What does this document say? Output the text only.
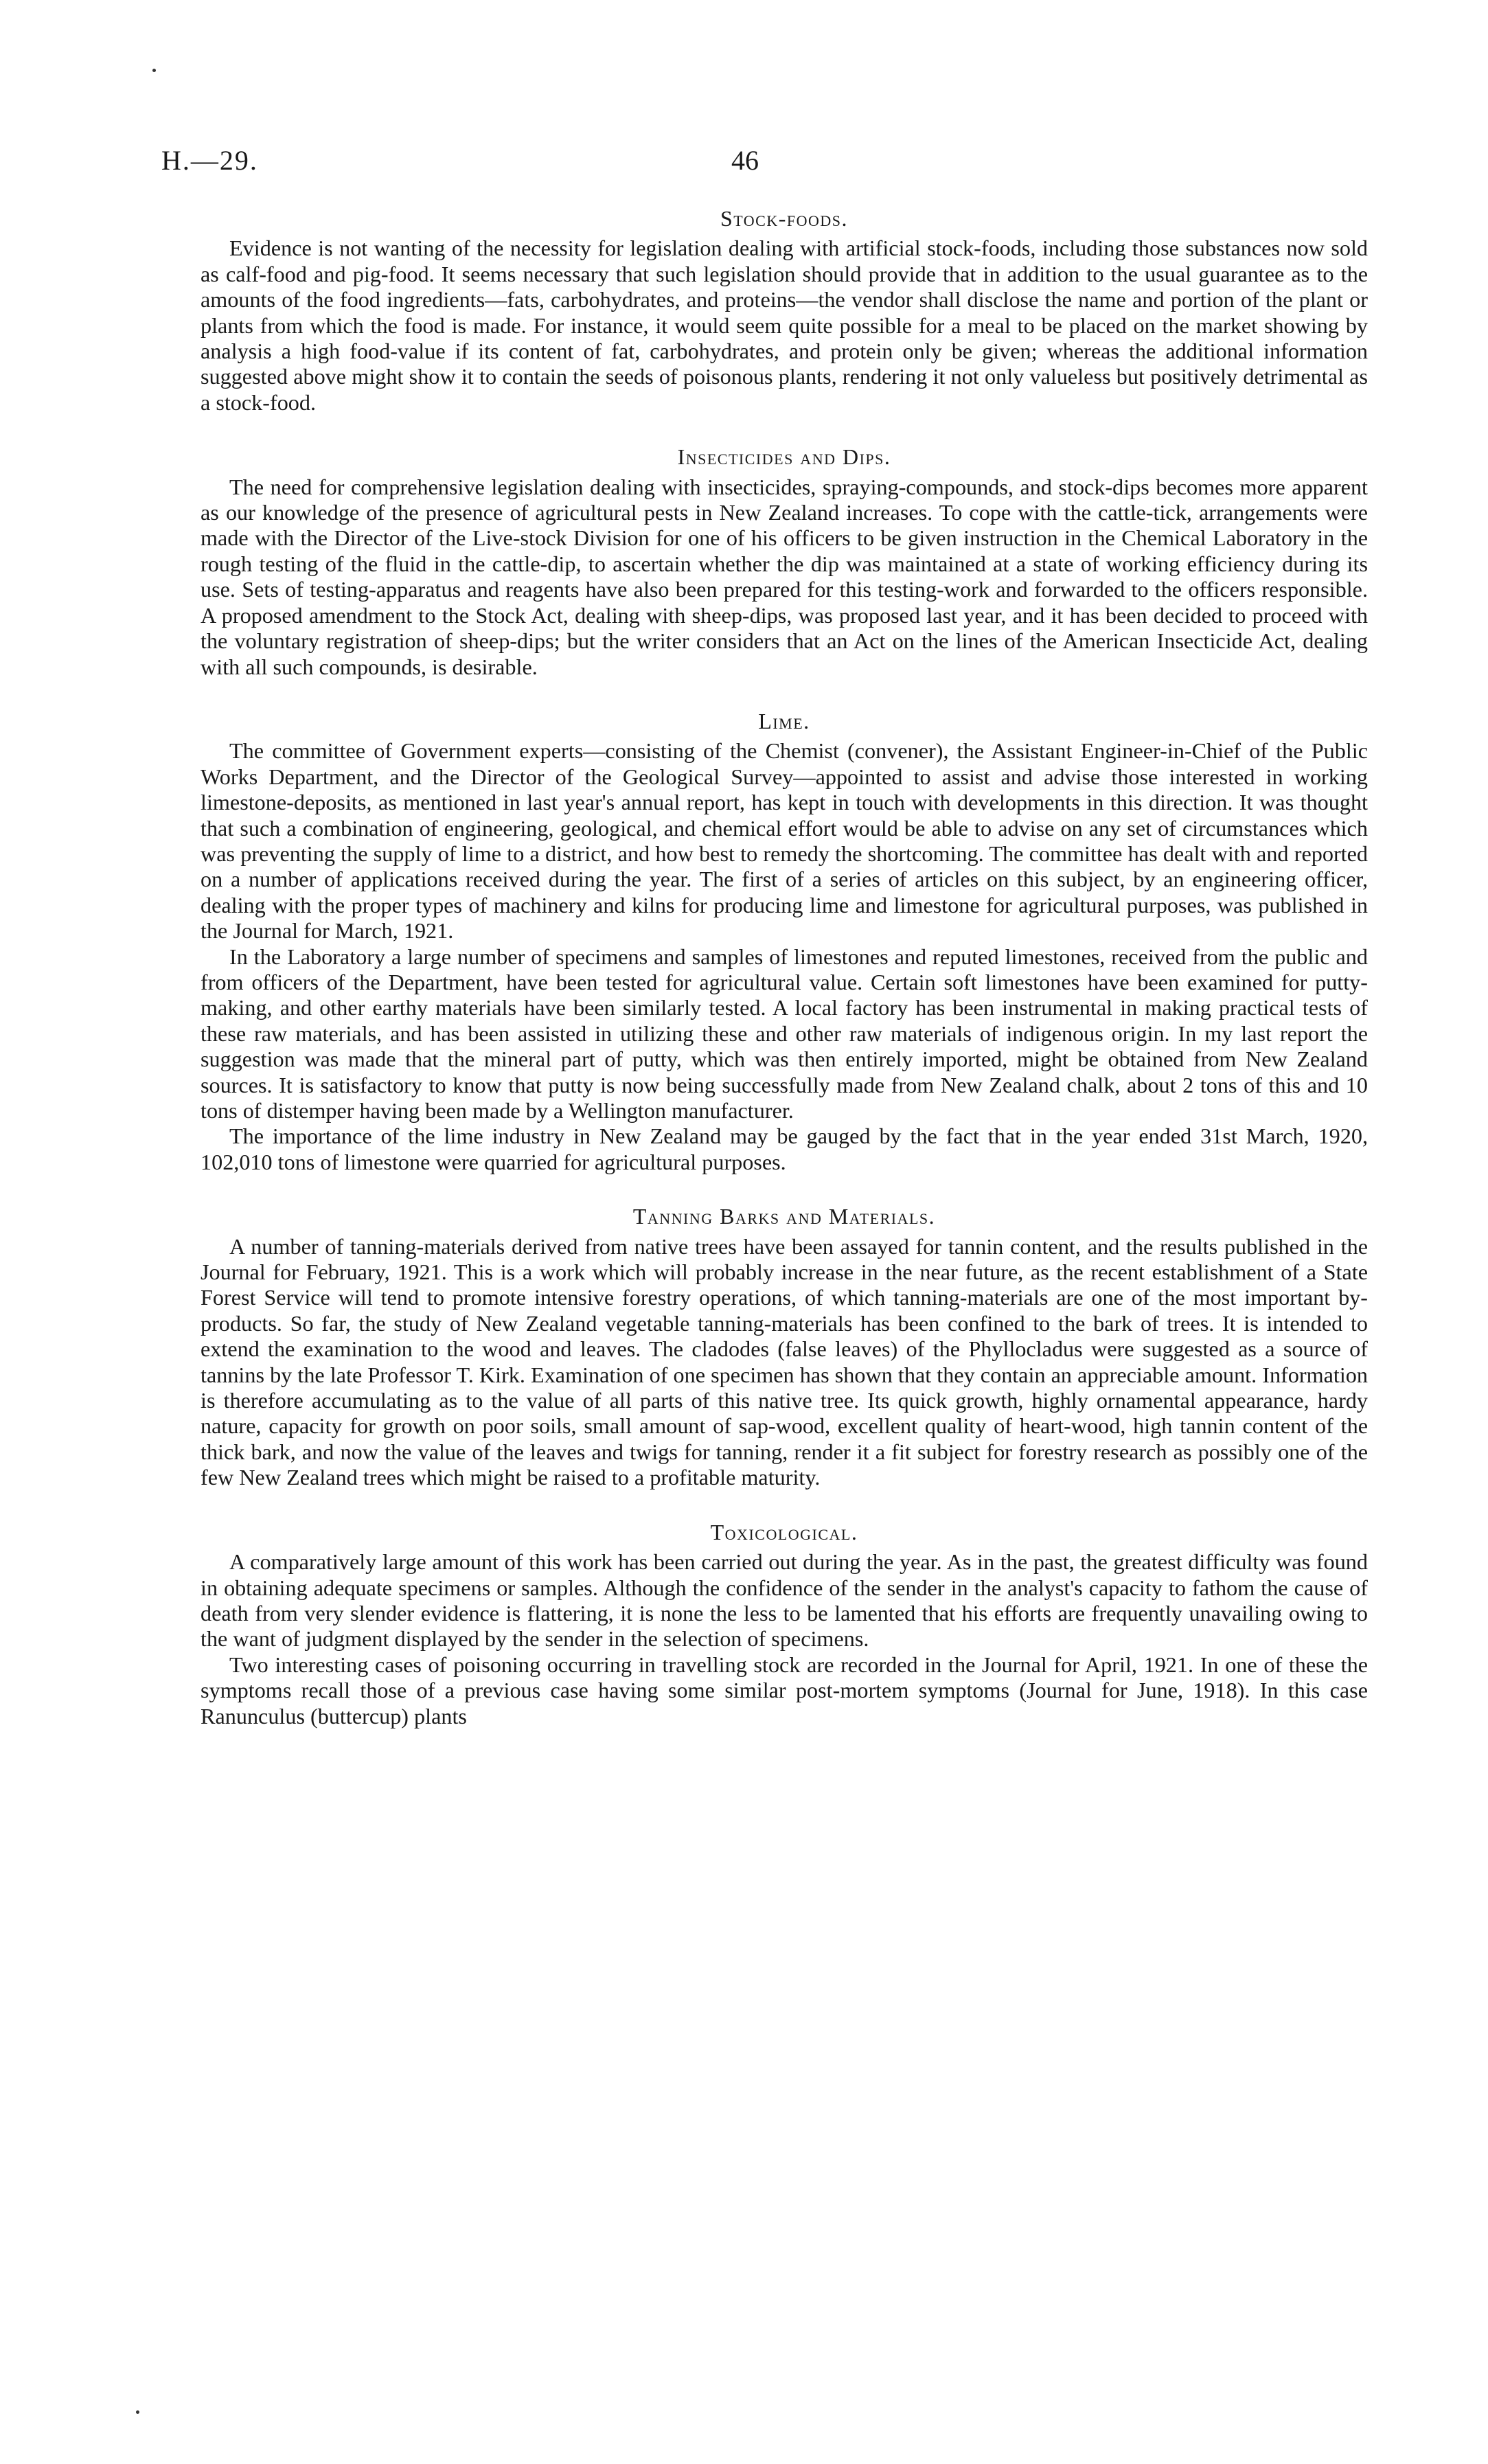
H.—29.	46
Stock-foods.

Evidence is not wanting of the necessity for legislation dealing with artificial stock-foods, including those substances now sold as calf-food and pig-food. It seems necessary that such legislation should provide that in addition to the usual guarantee as to the amounts of the food ingredients—fats, carbohydrates, and proteins—the vendor shall disclose the name and portion of the plant or plants from which the food is made. For instance, it would seem quite possible for a meal to be placed on the market showing by analysis a high food-value if its content of fat, carbohydrates, and protein only be given; whereas the additional information suggested above might show it to contain the seeds of poisonous plants, rendering it not only valueless but positively detrimental as a stock-food.

Insecticides and Dips.

The need for comprehensive legislation dealing with insecticides, spraying-compounds, and stock-dips becomes more apparent as our knowledge of the presence of agricultural pests in New Zealand increases. To cope with the cattle-tick, arrangements were made with the Director of the Live-stock Division for one of his officers to be given instruction in the Chemical Laboratory in the rough testing of the fluid in the cattle-dip, to ascertain whether the dip was maintained at a state of working efficiency during its use. Sets of testing-apparatus and reagents have also been prepared for this testing-work and forwarded to the officers responsible. A proposed amendment to the Stock Act, dealing with sheep-dips, was proposed last year, and it has been decided to proceed with the voluntary registration of sheep-dips; but the writer considers that an Act on the lines of the American Insecticide Act, dealing with all such compounds, is desirable.

Lime.

The committee of Government experts—consisting of the Chemist (convener), the Assistant Engineer-in-Chief of the Public Works Department, and the Director of the Geological Survey—appointed to assist and advise those interested in working limestone-deposits, as mentioned in last year's annual report, has kept in touch with developments in this direction. It was thought that such a combination of engineering, geological, and chemical effort would be able to advise on any set of circumstances which was preventing the supply of lime to a district, and how best to remedy the shortcoming. The committee has dealt with and reported on a number of applications received during the year. The first of a series of articles on this subject, by an engineering officer, dealing with the proper types of machinery and kilns for producing lime and limestone for agricultural purposes, was published in the Journal for March, 1921.

In the Laboratory a large number of specimens and samples of limestones and reputed limestones, received from the public and from officers of the Department, have been tested for agricultural value. Certain soft limestones have been examined for putty-making, and other earthy materials have been similarly tested. A local factory has been instrumental in making practical tests of these raw materials, and has been assisted in utilizing these and other raw materials of indigenous origin. In my last report the suggestion was made that the mineral part of putty, which was then entirely imported, might be obtained from New Zealand sources. It is satisfactory to know that putty is now being successfully made from New Zealand chalk, about 2 tons of this and 10 tons of distemper having been made by a Wellington manufacturer.

The importance of the lime industry in New Zealand may be gauged by the fact that in the year ended 31st March, 1920, 102,010 tons of limestone were quarried for agricultural purposes.

Tanning Barks and Materials.

A number of tanning-materials derived from native trees have been assayed for tannin content, and the results published in the Journal for February, 1921. This is a work which will probably increase in the near future, as the recent establishment of a State Forest Service will tend to promote intensive forestry operations, of which tanning-materials are one of the most important by-products. So far, the study of New Zealand vegetable tanning-materials has been confined to the bark of trees. It is intended to extend the examination to the wood and leaves. The cladodes (false leaves) of the Phyllocladus were suggested as a source of tannins by the late Professor T. Kirk. Examination of one specimen has shown that they contain an appreciable amount. Information is therefore accumulating as to the value of all parts of this native tree. Its quick growth, highly ornamental appearance, hardy nature, capacity for growth on poor soils, small amount of sap-wood, excellent quality of heart-wood, high tannin content of the thick bark, and now the value of the leaves and twigs for tanning, render it a fit subject for forestry research as possibly one of the few New Zealand trees which might be raised to a profitable maturity.

Toxicological.

A comparatively large amount of this work has been carried out during the year. As in the past, the greatest difficulty was found in obtaining adequate specimens or samples. Although the confidence of the sender in the analyst's capacity to fathom the cause of death from very slender evidence is flattering, it is none the less to be lamented that his efforts are frequently unavailing owing to the want of judgment displayed by the sender in the selection of specimens.

Two interesting cases of poisoning occurring in travelling stock are recorded in the Journal for April, 1921. In one of these the symptoms recall those of a previous case having some similar post-mortem symptoms (Journal for June, 1918). In this case Ranunculus (buttercup) plants
